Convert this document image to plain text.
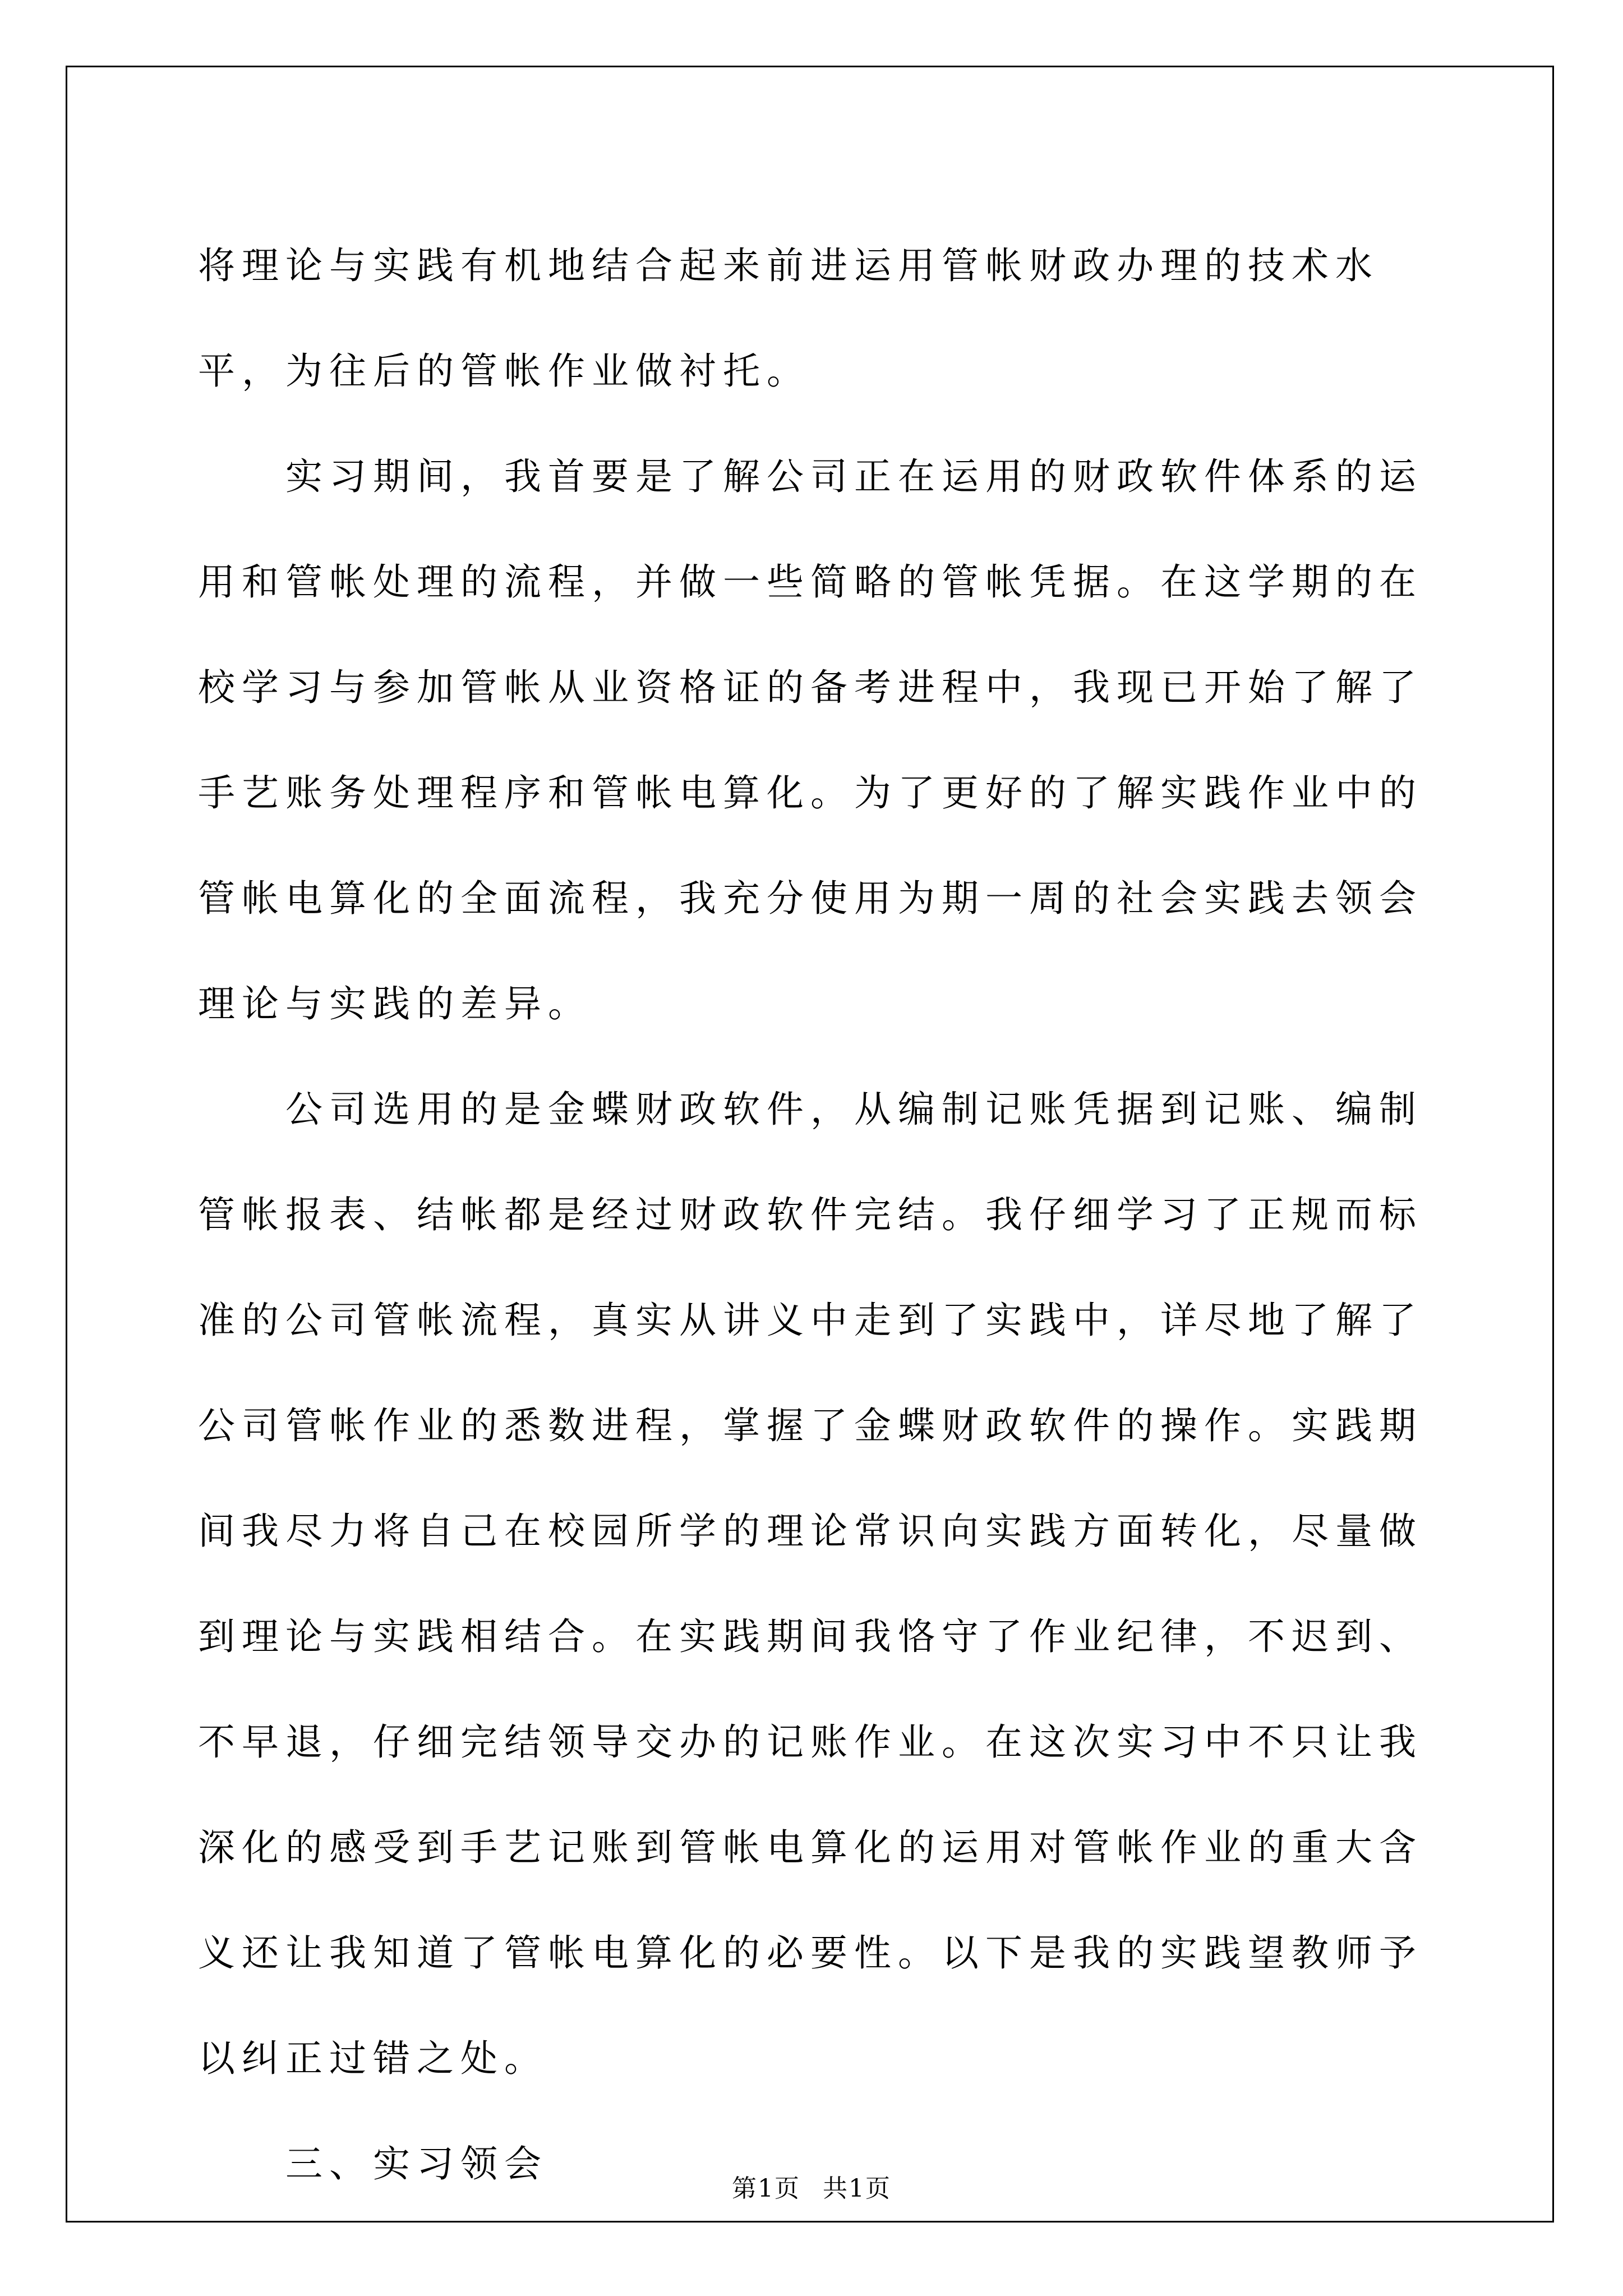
将理论与实践有机地结合起来前进运用管帐财政办理的技术水平，为往后的管帐作业做衬托。

实习期间，我首要是了解公司正在运用的财政软件体系的运用和管帐处理的流程，并做一些简略的管帐凭据。在这学期的在校学习与参加管帐从业资格证的备考进程中，我现已开始了解了手艺账务处理程序和管帐电算化。为了更好的了解实践作业中的管帐电算化的全面流程，我充分使用为期一周的社会实践去领会理论与实践的差异。

公司选用的是金蝶财政软件，从编制记账凭据到记账、编制管帐报表、结帐都是经过财政软件完结。我仔细学习了正规而标准的公司管帐流程，真实从讲义中走到了实践中，详尽地了解了公司管帐作业的悉数进程，掌握了金蝶财政软件的操作。实践期间我尽力将自己在校园所学的理论常识向实践方面转化，尽量做到理论与实践相结合。在实践期间我恪守了作业纪律，不迟到、不早退，仔细完结领导交办的记账作业。在这次实习中不只让我深化的感受到手艺记账到管帐电算化的运用对管帐作业的重大含义还让我知道了管帐电算化的必要性。以下是我的实践望教师予以纠正过错之处。

三、实习领会

第1页 共1页
